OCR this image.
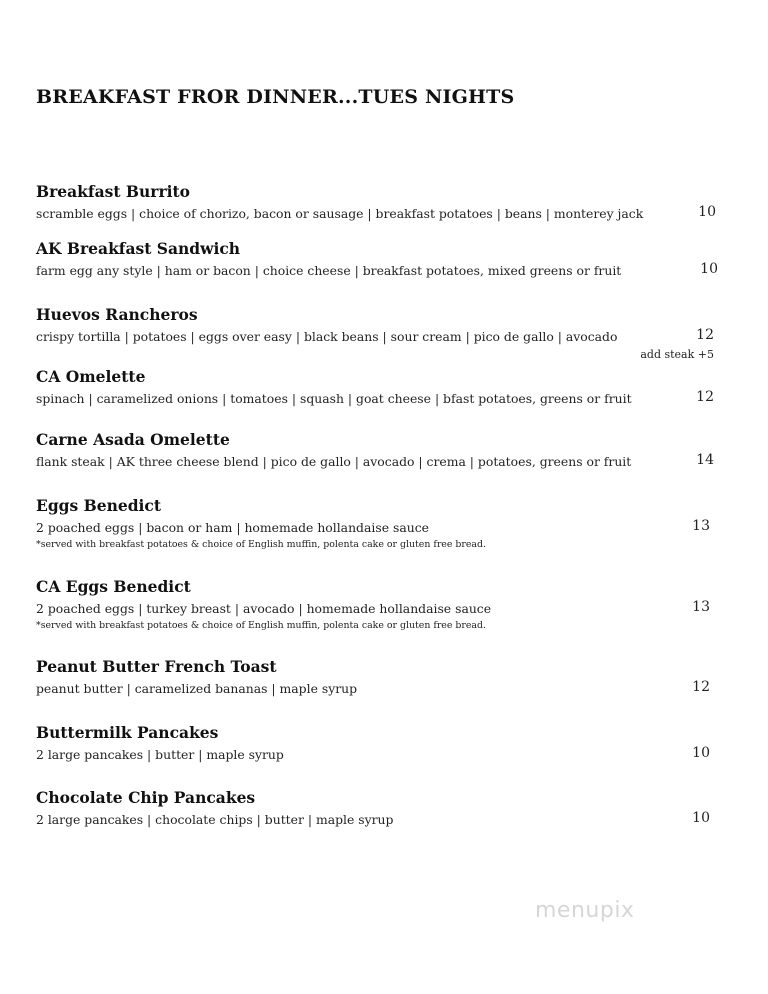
BREAKFAST FROR DINNER...TUES NIGHTS
Breakfast Burrito
scramble eggs | choice of chorizo, bacon or sausage | breakfast potatoes | beans | monterey jack	10
AK Breakfast Sandwich
farm egg any style | ham or bacon | choice cheese | breakfast potatoes, mixed greens or fruit	10
Huevos Rancheros
crispy tortilla | potatoes | eggs over easy | black beans | sour cream | pico de gallo | avocado	12
add steak +5
CA Omelette
spinach | caramelized onions | tomatoes | squash | goat cheese | bfast potatoes, greens or fruit	12
Carne Asada Omelette
flank steak | AK three cheese blend | pico de gallo | avocado | crema | potatoes, greens or fruit	14
Eggs Benedict
2 poached eggs | bacon or ham | homemade hollandaise sauce
*served with breakfast potatoes & choice of English muffin, polenta cake or gluten free bread.
13
CA Eggs Benedict
2 poached eggs | turkey breast | avocado | homemade hollandaise sauce
*served with breakfast potatoes & choice of English muffin, polenta cake or gluten free bread.
13
Peanut Butter French Toast
peanut butter | caramelized bananas | maple syrup	12
Buttermilk Pancakes
2 large pancakes | butter | maple syrup	10
Chocolate Chip Pancakes
2 large pancakes | chocolate chips | butter | maple syrup	10
menupix
